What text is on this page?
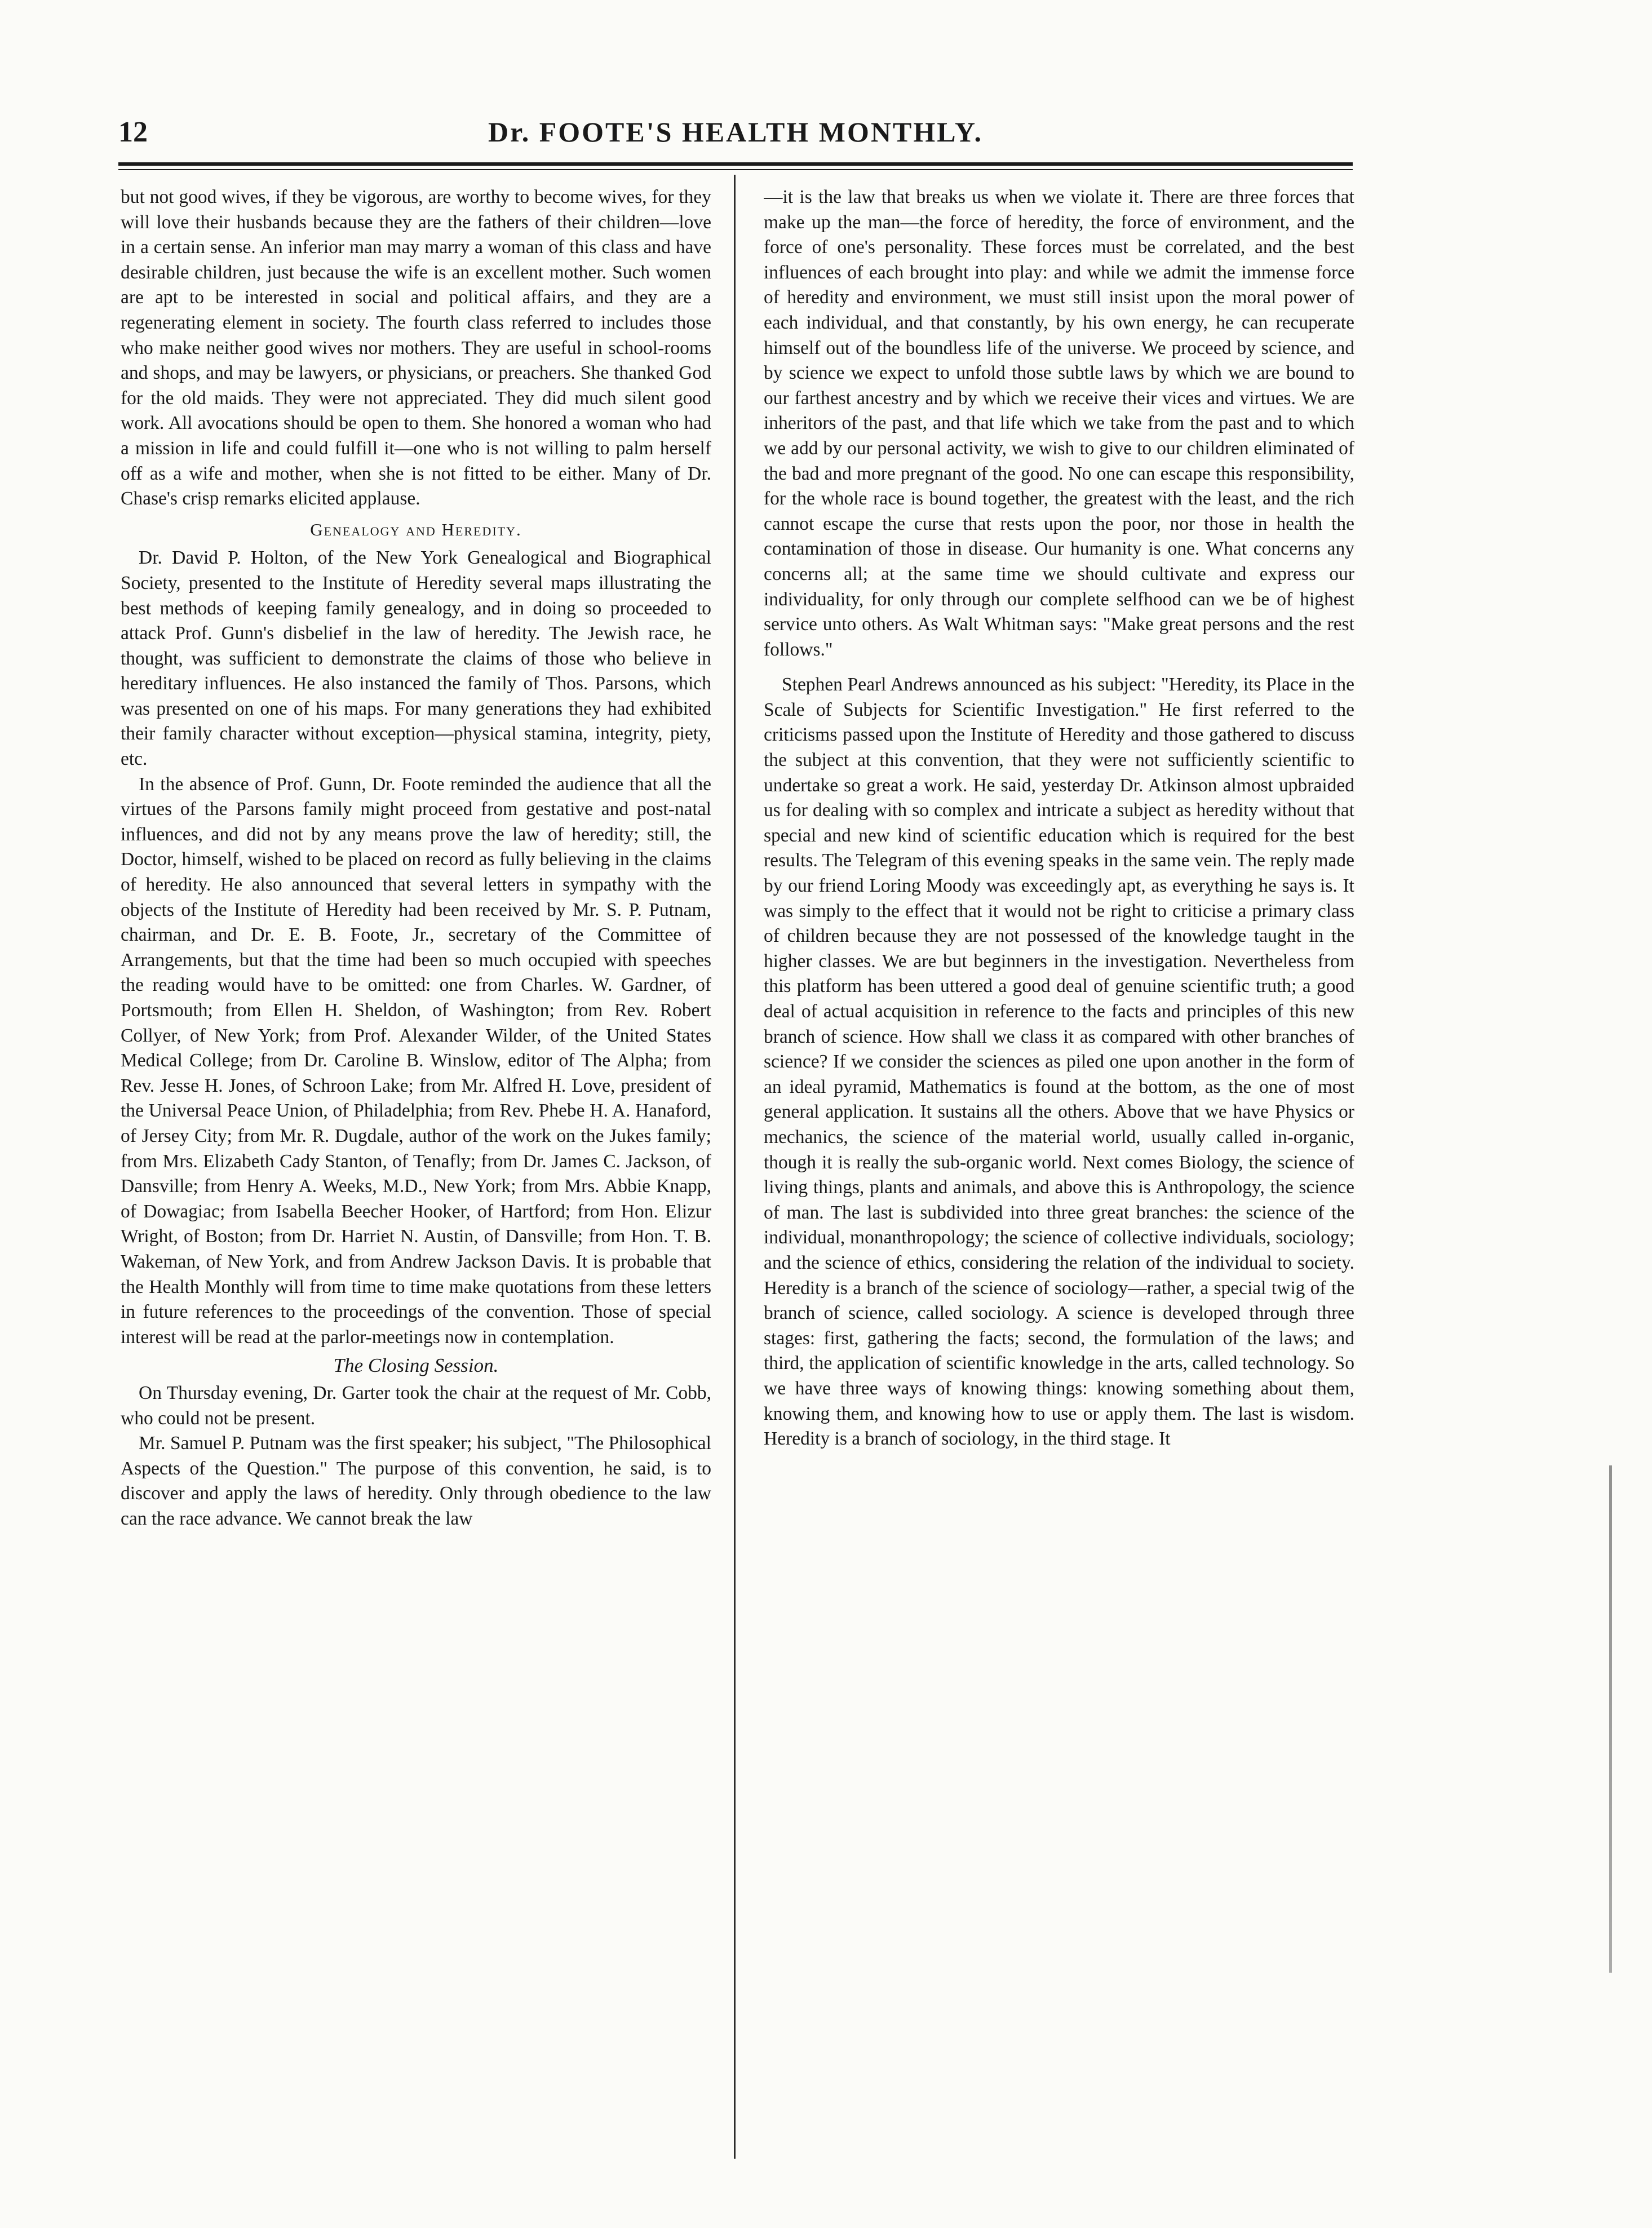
12	Dr. FOOTE'S HEALTH MONTHLY.

but not good wives, if they be vigorous, are worthy to become wives, for they will love their husbands because they are the fathers of their children—love in a certain sense. An inferior man may marry a woman of this class and have desirable children, just because the wife is an excellent mother. Such women are apt to be interested in social and political affairs, and they are a regenerating element in society. The fourth class referred to includes those who make neither good wives nor mothers. They are useful in school-rooms and shops, and may be lawyers, or physicians, or preachers. She thanked God for the old maids. They were not appreciated. They did much silent good work. All avocations should be open to them. She honored a woman who had a mission in life and could fulfill it—one who is not willing to palm herself off as a wife and mother, when she is not fitted to be either. Many of Dr. Chase's crisp remarks elicited applause.

Genealogy and Heredity.

Dr. David P. Holton, of the New York Genealogical and Biographical Society, presented to the Institute of Heredity several maps illustrating the best methods of keeping family genealogy, and in doing so proceeded to attack Prof. Gunn's disbelief in the law of heredity. The Jewish race, he thought, was sufficient to demonstrate the claims of those who believe in hereditary influences. He also instanced the family of Thos. Parsons, which was presented on one of his maps. For many generations they had exhibited their family character without exception—physical stamina, integrity, piety, etc.

In the absence of Prof. Gunn, Dr. Foote reminded the audience that all the virtues of the Parsons family might proceed from gestative and post-natal influences, and did not by any means prove the law of heredity; still, the Doctor, himself, wished to be placed on record as fully believing in the claims of heredity. He also announced that several letters in sympathy with the objects of the Institute of Heredity had been received by Mr. S. P. Putnam, chairman, and Dr. E. B. Foote, Jr., secretary of the Committee of Arrangements, but that the time had been so much occupied with speeches the reading would have to be omitted: one from Charles. W. Gardner, of Portsmouth; from Ellen H. Sheldon, of Washington; from Rev. Robert Collyer, of New York; from Prof. Alexander Wilder, of the United States Medical College; from Dr. Caroline B. Winslow, editor of The Alpha; from Rev. Jesse H. Jones, of Schroon Lake; from Mr. Alfred H. Love, president of the Universal Peace Union, of Philadelphia; from Rev. Phebe H. A. Hanaford, of Jersey City; from Mr. R. Dugdale, author of the work on the Jukes family; from Mrs. Elizabeth Cady Stanton, of Tenafly; from Dr. James C. Jackson, of Dansville; from Henry A. Weeks, M.D., New York; from Mrs. Abbie Knapp, of Dowagiac; from Isabella Beecher Hooker, of Hartford; from Hon. Elizur Wright, of Boston; from Dr. Harriet N. Austin, of Dansville; from Hon. T. B. Wakeman, of New York, and from Andrew Jackson Davis. It is probable that the Health Monthly will from time to time make quotations from these letters in future references to the proceedings of the convention. Those of special interest will be read at the parlor-meetings now in contemplation.

The Closing Session.

On Thursday evening, Dr. Garter took the chair at the request of Mr. Cobb, who could not be present.

Mr. Samuel P. Putnam was the first speaker; his subject, "The Philosophical Aspects of the Question." The purpose of this convention, he said, is to discover and apply the laws of heredity. Only through obedience to the law can the race advance. We cannot break the law

—it is the law that breaks us when we violate it. There are three forces that make up the man—the force of heredity, the force of environment, and the force of one's personality. These forces must be correlated, and the best influences of each brought into play: and while we admit the immense force of heredity and environment, we must still insist upon the moral power of each individual, and that constantly, by his own energy, he can recuperate himself out of the boundless life of the universe. We proceed by science, and by science we expect to unfold those subtle laws by which we are bound to our farthest ancestry and by which we receive their vices and virtues. We are inheritors of the past, and that life which we take from the past and to which we add by our personal activity, we wish to give to our children eliminated of the bad and more pregnant of the good. No one can escape this responsibility, for the whole race is bound together, the greatest with the least, and the rich cannot escape the curse that rests upon the poor, nor those in health the contamination of those in disease. Our humanity is one. What concerns any concerns all; at the same time we should cultivate and express our individuality, for only through our complete selfhood can we be of highest service unto others. As Walt Whitman says: "Make great persons and the rest follows."

Stephen Pearl Andrews announced as his subject: "Heredity, its Place in the Scale of Subjects for Scientific Investigation." He first referred to the criticisms passed upon the Institute of Heredity and those gathered to discuss the subject at this convention, that they were not sufficiently scientific to undertake so great a work. He said, yesterday Dr. Atkinson almost upbraided us for dealing with so complex and intricate a subject as heredity without that special and new kind of scientific education which is required for the best results. The Telegram of this evening speaks in the same vein. The reply made by our friend Loring Moody was exceedingly apt, as everything he says is. It was simply to the effect that it would not be right to criticise a primary class of children because they are not possessed of the knowledge taught in the higher classes. We are but beginners in the investigation. Nevertheless from this platform has been uttered a good deal of genuine scientific truth; a good deal of actual acquisition in reference to the facts and principles of this new branch of science. How shall we class it as compared with other branches of science? If we consider the sciences as piled one upon another in the form of an ideal pyramid, Mathematics is found at the bottom, as the one of most general application. It sustains all the others. Above that we have Physics or mechanics, the science of the material world, usually called in-organic, though it is really the sub-organic world. Next comes Biology, the science of living things, plants and animals, and above this is Anthropology, the science of man. The last is subdivided into three great branches: the science of the individual, monanthropology; the science of collective individuals, sociology; and the science of ethics, considering the relation of the individual to society. Heredity is a branch of the science of sociology—rather, a special twig of the branch of science, called sociology. A science is developed through three stages: first, gathering the facts; second, the formulation of the laws; and third, the application of scientific knowledge in the arts, called technology. So we have three ways of knowing things: knowing something about them, knowing them, and knowing how to use or apply them. The last is wisdom. Heredity is a branch of sociology, in the third stage. It
